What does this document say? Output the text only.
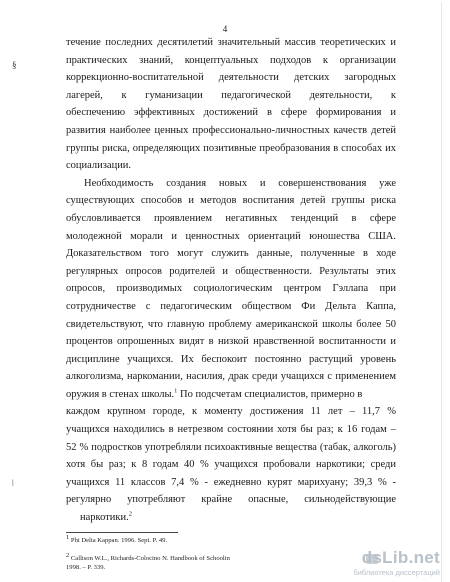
4
§
ǀ
течение последних десятилетий значительный массив теоретических и
практических знаний, концептуальных подходов к организации
коррекционно-воспитательной деятельности детских загородных
лагерей, к гуманизации педагогической деятельности, к
обеспечению эффективных достижений в сфере формирования и
развития наиболее ценных профессионально-личностных качеств детей
группы риска, определяющих позитивные преобразования в способах их
социализации.
Необходимость создания новых и совершенствования уже
существующих способов и методов воспитания детей группы риска
обусловливается проявлением негативных тенденций в сфере
молодежной морали и ценностных ориентаций юношества США.
Доказательством того могут служить данные, полученные в ходе
регулярных опросов родителей и общественности. Результаты этих
опросов, производимых социологическим центром Гэллапа при
сотрудничестве с педагогическим обществом Фи Дельта Каппа,
свидетельствуют, что главную проблему американской школы более 50
процентов опрошенных видят в низкой нравственной воспитанности и
дисциплине учащихся. Их беспокоит постоянно растущий уровень
алкоголизма, наркомании, насилия, драк среди учащихся с применением
оружия в стенах школы.$^1$ По подсчетам специалистов, примерно в
каждом крупном городе, к моменту достижения 11 лет – 11,7 %
учащихся находились в нетрезвом состоянии хотя бы раз; к 16 годам –
52 % подростков употребляли психоактивные вещества (табак, алкоголь)
хотя бы раз; к 8 годам 40 % учащихся пробовали наркотики; среди
учащихся 11 классов 7,4 % - ежедневно курят марихуану; 39,3 % -
регулярно употребляют крайне опасные, сильнодействующие
наркотики.$^2$
$^1$ Phi Delta Kappan. 1996. Sept. P. 49.
$^2$ Callison W.L., Richards-Colocino N. Handbook of Schoolin
1998. – P. 339.
dsLib.net
библиотека диссертаций
